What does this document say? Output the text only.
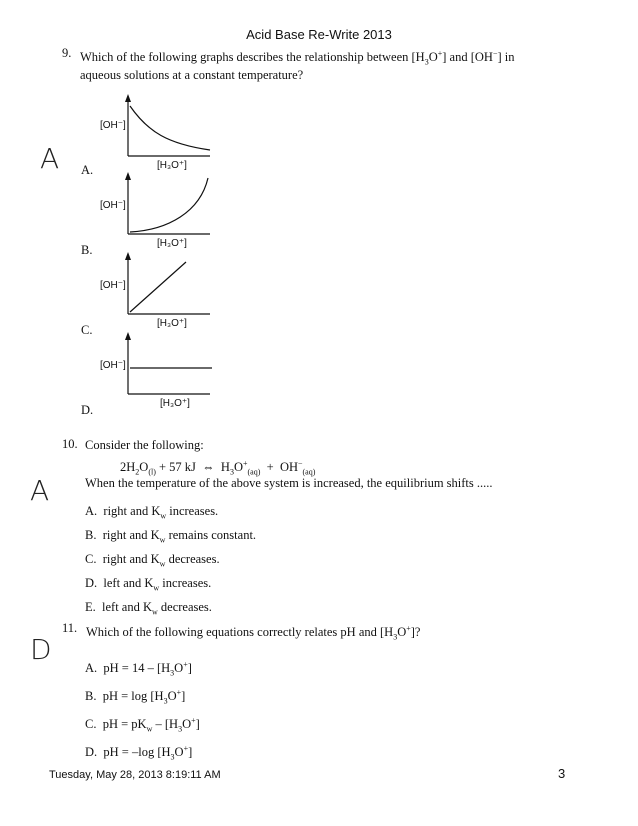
Acid Base Re-Write 2013
9. Which of the following graphs describes the relationship between $[H_3O^+]$ and [OH−] in
aqueous solutions at a constant temperature?
A
A
D
A.
[OH⁻]
[H₃O⁺]
B.
[OH⁻]
[H₃O⁺]
C.
[OH⁻]
[H₃O⁺]
D.
[OH⁻]
[H₃O⁺]
10. Consider the following:
$2H_2O_{(l)} + 57$ kJ  ⇔  $H_3O^+_{(aq)} + OH^-_{(aq)}$
When the temperature of the above system is increased, the equilibrium shifts .....
A. right and $K_w$ increases.
B. right and $K_w$ remains constant.
C. right and $K_w$ decreases.
D. left and $K_w$ increases.
E. left and $K_w$ decreases.
11. Which of the following equations correctly relates pH and $[H_3O^+]$?
A.  pH = $14 - [H_3O^+]$
B.  pH = $\log [H_3O^+]$
C.  pH = $pK_w - [H_3O^+]$
D.  pH = –log $[H_3O^+]$
Tuesday, May 28, 2013 8:19:11 AM	3
